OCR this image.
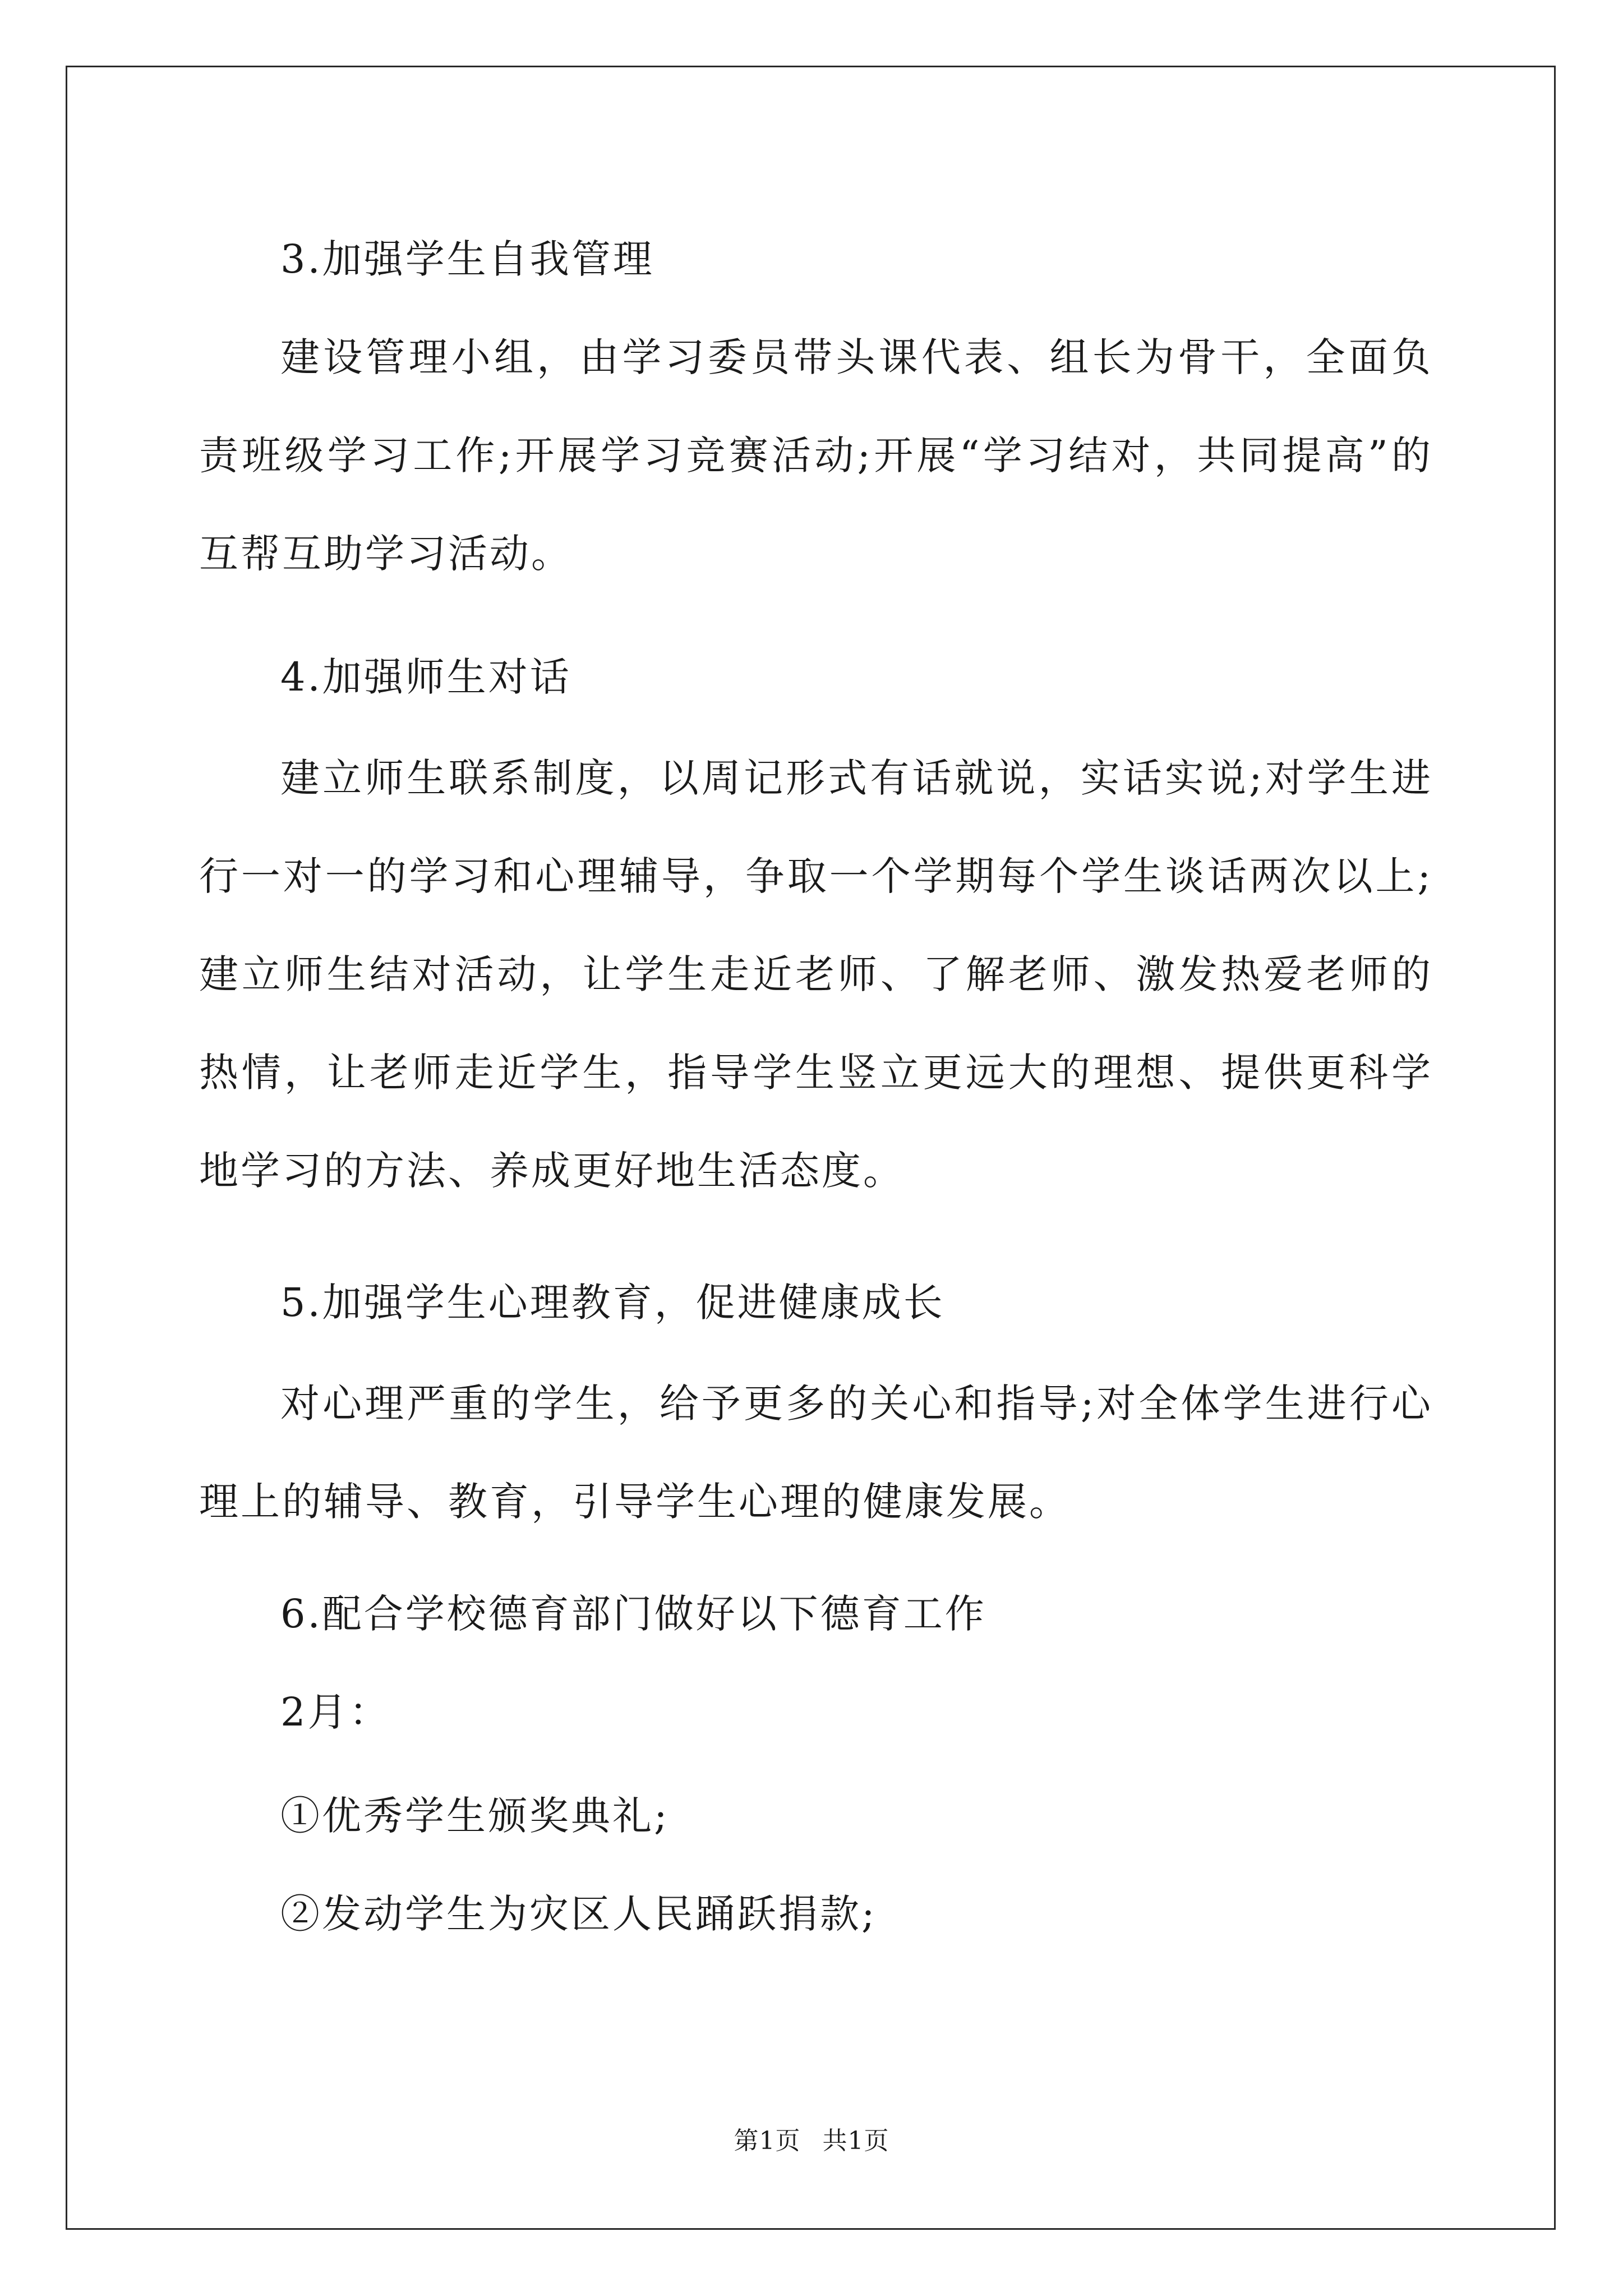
3.加强学生自我管理

建设管理小组，由学习委员带头课代表、组长为骨干，全面负责班级学习工作;开展学习竞赛活动;开展“学习结对，共同提高”的互帮互助学习活动。

4.加强师生对话

建立师生联系制度，以周记形式有话就说，实话实说;对学生进行一对一的学习和心理辅导，争取一个学期每个学生谈话两次以上;建立师生结对活动，让学生走近老师、了解老师、激发热爱老师的热情，让老师走近学生，指导学生竖立更远大的理想、提供更科学地学习的方法、养成更好地生活态度。

5.加强学生心理教育，促进健康成长

对心理严重的学生，给予更多的关心和指导;对全体学生进行心理上的辅导、教育，引导学生心理的健康发展。

6.配合学校德育部门做好以下德育工作

2月：

①优秀学生颁奖典礼;

②发动学生为灾区人民踊跃捐款;

第1页 共1页
